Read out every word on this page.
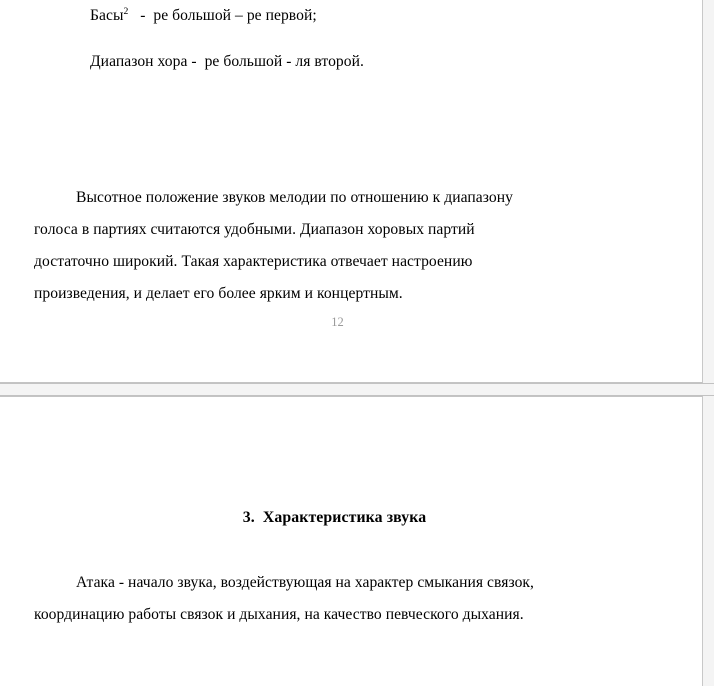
Басы$^2$ - ре большой – ре первой;

Диапазон хора - ре большой - ля второй.

Высотное положение звуков мелодии по отношению к диапазону

голоса в партиях считаются удобными. Диапазон хоровых партий

достаточно широкий. Такая характеристика отвечает настроению

произведения, и делает его более ярким и концертным.

12
3. Характеристика звука

Атака - начало звука, воздействующая на характер смыкания связок,

координацию работы связок и дыхания, на качество певческого дыхания.
